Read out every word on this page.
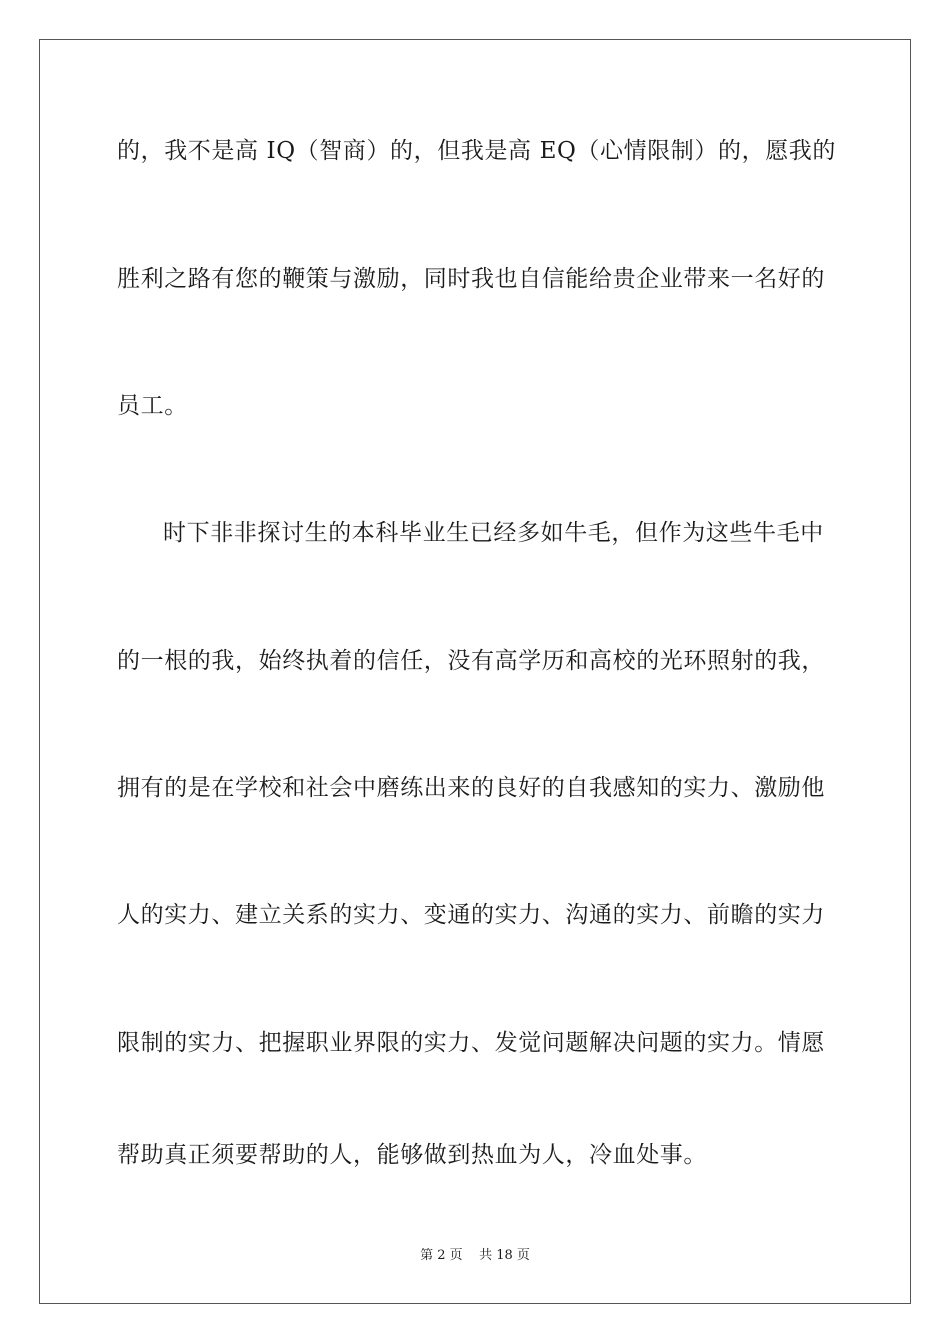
的，我不是高 IQ（智商）的，但我是高 EQ（心情限制）的，愿我的
胜利之路有您的鞭策与激励，同时我也自信能给贵企业带来一名好的
员工。
时下非非探讨生的本科毕业生已经多如牛毛，但作为这些牛毛中
的一根的我，始终执着的信任，没有高学历和高校的光环照射的我，
拥有的是在学校和社会中磨练出来的良好的自我感知的实力、激励他
人的实力、建立关系的实力、变通的实力、沟通的实力、前瞻的实力
限制的实力、把握职业界限的实力、发觉问题解决问题的实力。情愿
帮助真正须要帮助的人，能够做到热血为人，冷血处事。
第 2 页    共 18 页
